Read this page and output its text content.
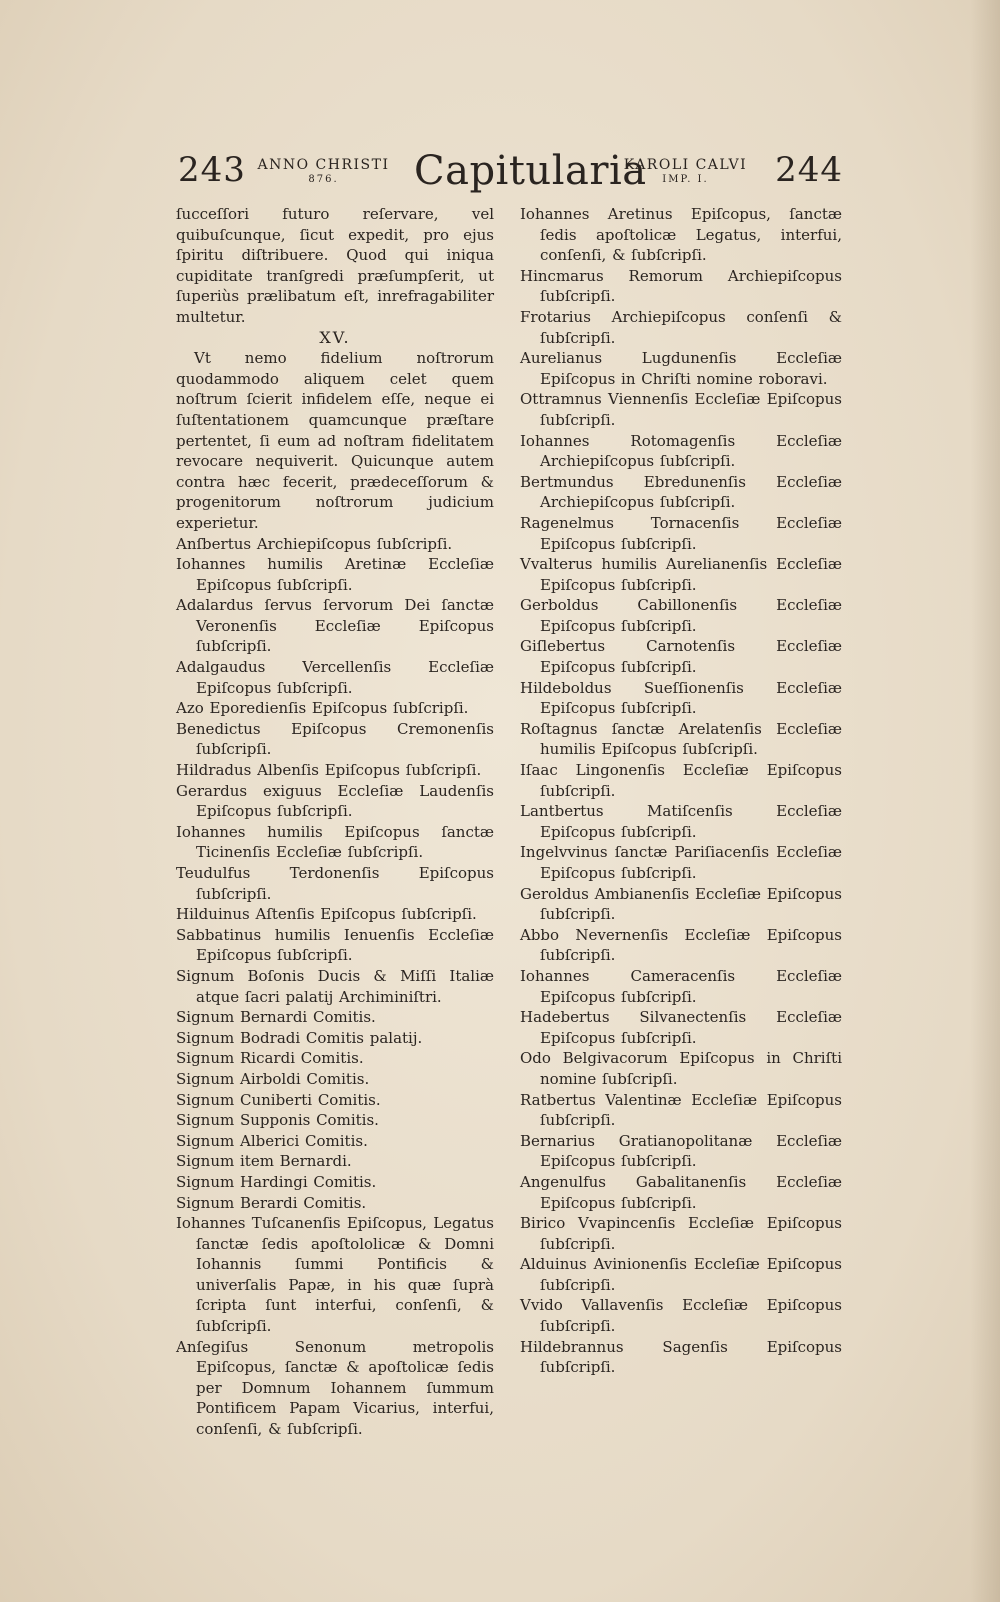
243 ANNO CHRISTI
876.	Capitularia
KAROLI CALVI
IMP. I.	244

ſucceſſori futuro reſervare, vel quibuſcunque, ſicut expedit, pro ejus ſpiritu diſtribuere. Quod qui iniqua cupiditate tranſgredi præſumpſerit, ut ſuperiùs prælibatum eſt, inrefragabiliter multetur.

XV.

Vt nemo fidelium noſtrorum quodammodo aliquem celet quem noſtrum ſcierit infidelem eſſe, neque ei ſuſtentationem quamcunque præſtare pertentet, ſi eum ad noſtram fidelitatem revocare nequiverit. Quicunque autem contra hæc fecerit, prædeceſſorum & progenitorum noſtrorum judicium experietur.

Anſbertus Archiepiſcopus ſubſcripſi.

Iohannes humilis Aretinæ Eccleſiæ Epiſcopus ſubſcripſi.

Adalardus ſervus ſervorum Dei ſanctæ Veronenſis Eccleſiæ Epiſcopus ſubſcripſi.

Adalgaudus Vercellenſis Eccleſiæ Epiſcopus ſubſcripſi.

Azo Eporedienſis Epiſcopus ſubſcripſi.

Benedictus Epiſcopus Cremonenſis ſubſcripſi.

Hildradus Albenſis Epiſcopus ſubſcripſi.

Gerardus exiguus Eccleſiæ Laudenſis Epiſcopus ſubſcripſi.

Iohannes humilis Epiſcopus ſanctæ Ticinenſis Eccleſiæ ſubſcripſi.

Teudulfus Terdonenſis Epiſcopus ſubſcripſi.

Hilduinus Aſtenſis Epiſcopus ſubſcripſi.

Sabbatinus humilis Ienuenſis Eccleſiæ Epiſcopus ſubſcripſi.

Signum Boſonis Ducis & Miſſi Italiæ atque ſacri palatij Archiminiſtri.

Signum Bernardi Comitis.

Signum Bodradi Comitis palatij.

Signum Ricardi Comitis.

Signum Airboldi Comitis.

Signum Cuniberti Comitis.

Signum Supponis Comitis.

Signum Alberici Comitis.

Signum item Bernardi.

Signum Hardingi Comitis.

Signum Berardi Comitis.

Iohannes Tuſcanenſis Epiſcopus, Legatus ſanctæ ſedis apoſtololicæ & Domni Iohannis ſummi Pontificis & univerſalis Papæ, in his quæ ſuprà ſcripta ſunt interfui, conſenſi, & ſubſcripſi.

Anſegiſus Senonum metropolis Epiſcopus, ſanctæ & apoſtolicæ ſedis per Domnum Iohannem ſummum Pontificem Papam Vicarius, interfui, conſenſi, & ſubſcripſi.

Iohannes Aretinus Epiſcopus, ſanctæ ſedis apoſtolicæ Legatus, interfui, conſenſi, & ſubſcripſi.

Hincmarus Remorum Archiepiſcopus ſubſcripſi.

Frotarius Archiepiſcopus conſenſi & ſubſcripſi.

Aurelianus Lugdunenſis Eccleſiæ Epiſcopus in Chriſti nomine roboravi.

Ottramnus Viennenſis Eccleſiæ Epiſcopus ſubſcripſi.

Iohannes Rotomagenſis Eccleſiæ Archiepiſcopus ſubſcripſi.

Bertmundus Ebredunenſis Eccleſiæ Archiepiſcopus ſubſcripſi.

Ragenelmus Tornacenſis Eccleſiæ Epiſcopus ſubſcripſi.

Vvalterus humilis Aurelianenſis Eccleſiæ Epiſcopus ſubſcripſi.

Gerboldus Cabillonenſis Eccleſiæ Epiſcopus ſubſcripſi.

Giſlebertus Carnotenſis Eccleſiæ Epiſcopus ſubſcripſi.

Hildeboldus Sueſſionenſis Eccleſiæ Epiſcopus ſubſcripſi.

Roſtagnus ſanctæ Arelatenſis Eccleſiæ humilis Epiſcopus ſubſcripſi.

Iſaac Lingonenſis Eccleſiæ Epiſcopus ſubſcripſi.

Lantbertus Matiſcenſis Eccleſiæ Epiſcopus ſubſcripſi.

Ingelvvinus ſanctæ Pariſiacenſis Eccleſiæ Epiſcopus ſubſcripſi.

Geroldus Ambianenſis Eccleſiæ Epiſcopus ſubſcripſi.

Abbo Nevernenſis Eccleſiæ Epiſcopus ſubſcripſi.

Iohannes Cameracenſis Eccleſiæ Epiſcopus ſubſcripſi.

Hadebertus Silvanectenſis Eccleſiæ Epiſcopus ſubſcripſi.

Odo Belgivacorum Epiſcopus in Chriſti nomine ſubſcripſi.

Ratbertus Valentinæ Eccleſiæ Epiſcopus ſubſcripſi.

Bernarius Gratianopolitanæ Eccleſiæ Epiſcopus ſubſcripſi.

Angenulfus Gabalitanenſis Eccleſiæ Epiſcopus ſubſcripſi.

Birico Vvapincenſis Eccleſiæ Epiſcopus ſubſcripſi.

Alduinus Avinionenſis Eccleſiæ Epiſcopus ſubſcripſi.

Vvido Vallavenſis Eccleſiæ Epiſcopus ſubſcripſi.

Hildebrannus Sagenſis Epiſcopus ſubſcripſi.
